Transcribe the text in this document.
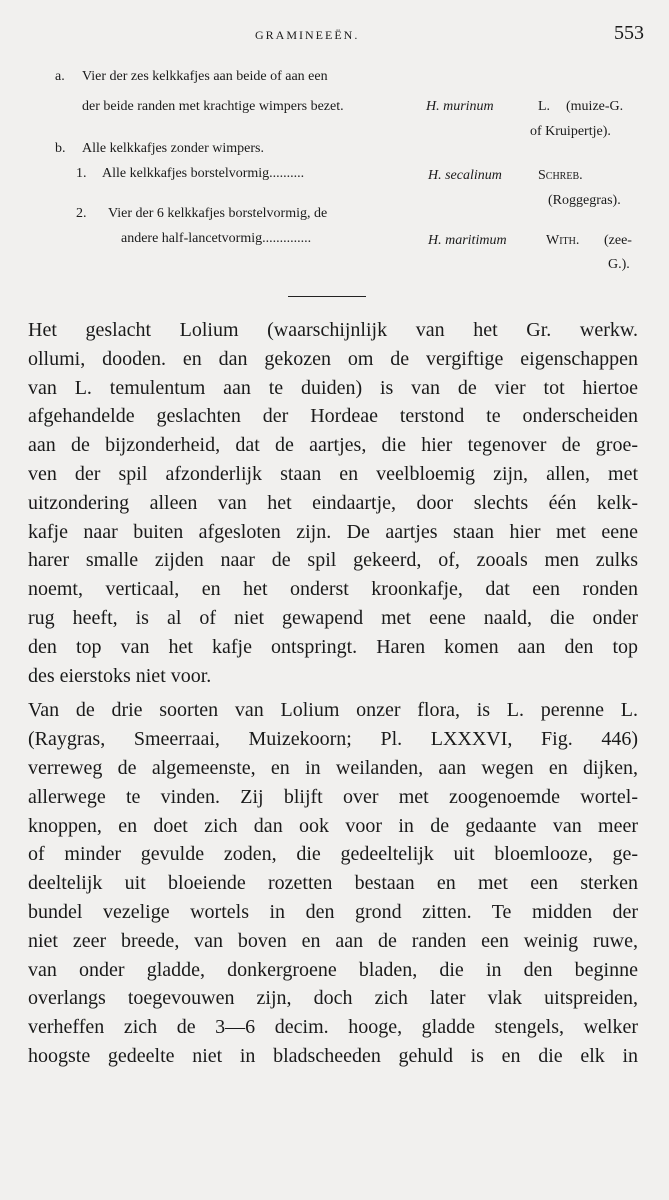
GRAMINEEËN.	553
a. Vier der zes kelkkafjes aan beide of aan een
der beide randen met krachtige wimpers bezet.	H. murinum	L. (muize-G.
of Kruipertje).
b. Alle kelkkafjes zonder wimpers.
1. Alle kelkkafjes borstelvormig..........	H. secalinum	Schreb.
(Roggegras).
2. Vier der 6 kelkkafjes borstelvormig, de
andere half-lancetvormig..............	H. maritimum	With. (zee-
G.).
Het geslacht Lolium (waarschijnlijk van het Gr. werkw.
ollumi, dooden. en dan gekozen om de vergiftige eigenschappen
van L. temulentum aan te duiden) is van de vier tot hiertoe
afgehandelde geslachten der Hordeae terstond te onderscheiden
aan de bijzonderheid, dat de aartjes, die hier tegenover de groe-
ven der spil afzonderlijk staan en veelbloemig zijn, allen, met
uitzondering alleen van het eindaartje, door slechts één kelk-
kafje naar buiten afgesloten zijn. De aartjes staan hier met eene
harer smalle zijden naar de spil gekeerd, of, zooals men zulks
noemt, verticaal, en het onderst kroonkafje, dat een ronden
rug heeft, is al of niet gewapend met eene naald, die onder
den top van het kafje ontspringt. Haren komen aan den top
des eierstoks niet voor.
Van de drie soorten van Lolium onzer flora, is L. perenne L.
(Raygras, Smeerraai, Muizekoorn; Pl. LXXXVI, Fig. 446)
verreweg de algemeenste, en in weilanden, aan wegen en dijken,
allerwege te vinden. Zij blijft over met zoogenoemde wortel-
knoppen, en doet zich dan ook voor in de gedaante van meer
of minder gevulde zoden, die gedeeltelijk uit bloemlooze, ge-
deeltelijk uit bloeiende rozetten bestaan en met een sterken
bundel vezelige wortels in den grond zitten. Te midden der
niet zeer breede, van boven en aan de randen een weinig ruwe,
van onder gladde, donkergroene bladen, die in den beginne
overlangs toegevouwen zijn, doch zich later vlak uitspreiden,
verheffen zich de 3—6 decim. hooge, gladde stengels, welker
hoogste gedeelte niet in bladscheeden gehuld is en die elk in
